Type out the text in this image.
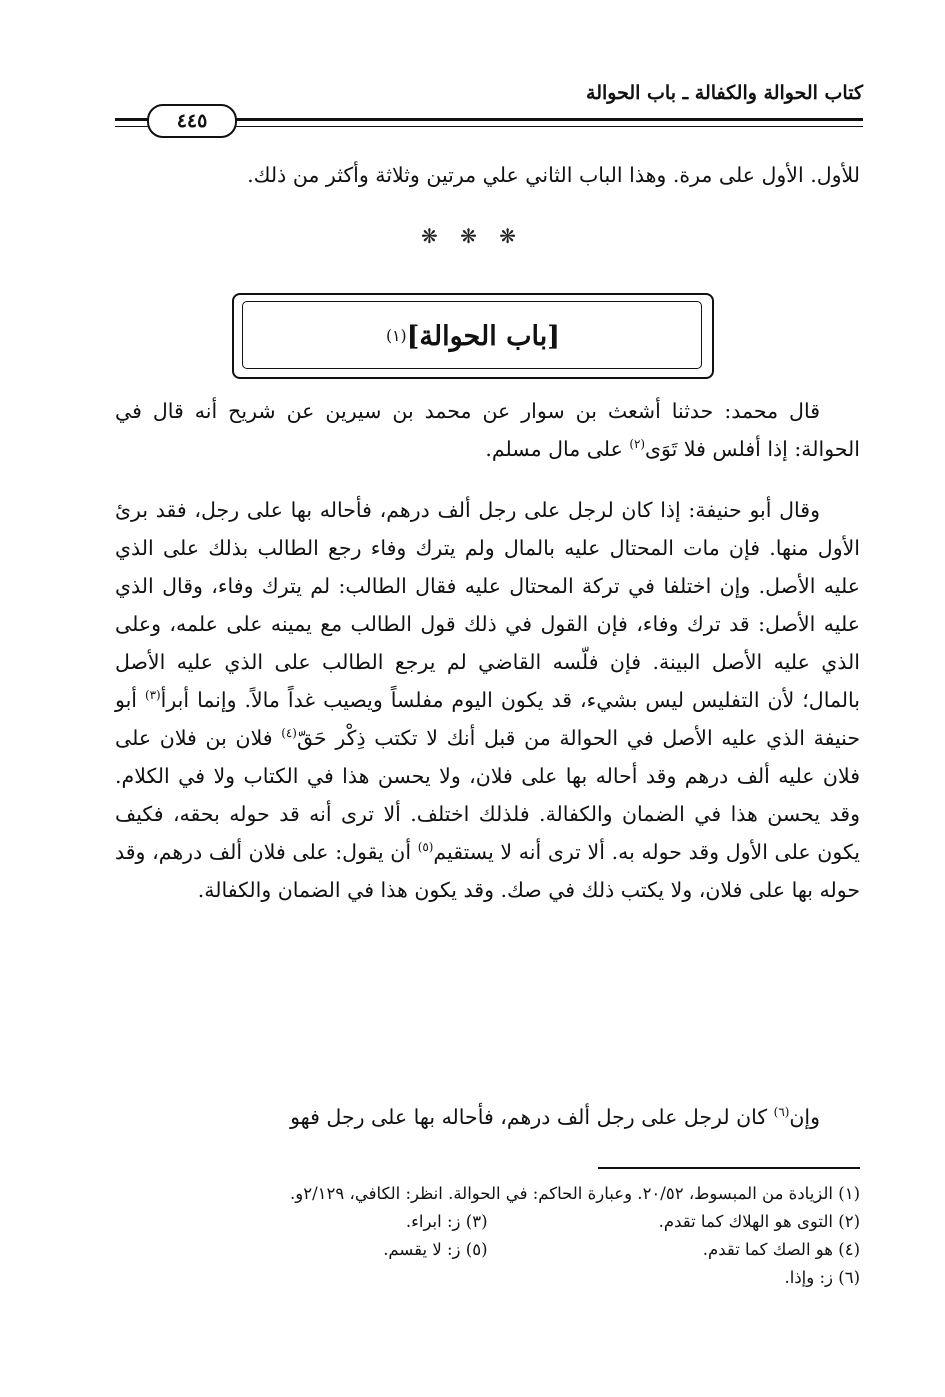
كتاب الحوالة والكفالة ـ باب الحوالة
٤٤٥
للأول. الأول على مرة. وهذا الباب الثاني علي مرتين وثلاثة وأكثر من ذلك.
❋ ❋ ❋
[باب الحوالة]
(١)
قال محمد: حدثنا أشعث بن سوار عن محمد بن سيرين عن شريح أنه قال في الحوالة: إذا أفلس فلا تَوَى$^{(٢)}$ على مال مسلم.
وقال أبو حنيفة: إذا كان لرجل على رجل ألف درهم، فأحاله بها على رجل، فقد برئ الأول منها. فإن مات المحتال عليه بالمال ولم يترك وفاء رجع الطالب بذلك على الذي عليه الأصل. وإن اختلفا في تركة المحتال عليه فقال الطالب: لم يترك وفاء، وقال الذي عليه الأصل: قد ترك وفاء، فإن القول في ذلك قول الطالب مع يمينه على علمه، وعلى الذي عليه الأصل البينة. فإن فلّسه القاضي لم يرجع الطالب على الذي عليه الأصل بالمال؛ لأن التفليس ليس بشيء، قد يكون اليوم مفلساً ويصيب غداً مالاً. وإنما أبرأ$^{(٣)}$ أبو حنيفة الذي عليه الأصل في الحوالة من قبل أنك لا تكتب ذِكْر حَقّ$^{(٤)}$ فلان بن فلان على فلان عليه ألف درهم وقد أحاله بها على فلان، ولا يحسن هذا في الكتاب ولا في الكلام. وقد يحسن هذا في الضمان والكفالة. فلذلك اختلف. ألا ترى أنه قد حوله بحقه، فكيف يكون على الأول وقد حوله به. ألا ترى أنه لا يستقيم$^{(٥)}$ أن يقول: على فلان ألف درهم، وقد حوله بها على فلان، ولا يكتب ذلك في صك. وقد يكون هذا في الضمان والكفالة.
وإن$^{(٦)}$ كان لرجل على رجل ألف درهم، فأحاله بها على رجل فهو
(١) الزيادة من المبسوط، ٢٠/٥٢. وعبارة الحاكم: في الحوالة. انظر: الكافي، ٢/١٢٩و.
(٢) التوى هو الهلاك كما تقدم.
(٣) ز: ابراء.
(٤) هو الصك كما تقدم.
(٥) ز: لا يقسم.
(٦) ز: وإذا.
